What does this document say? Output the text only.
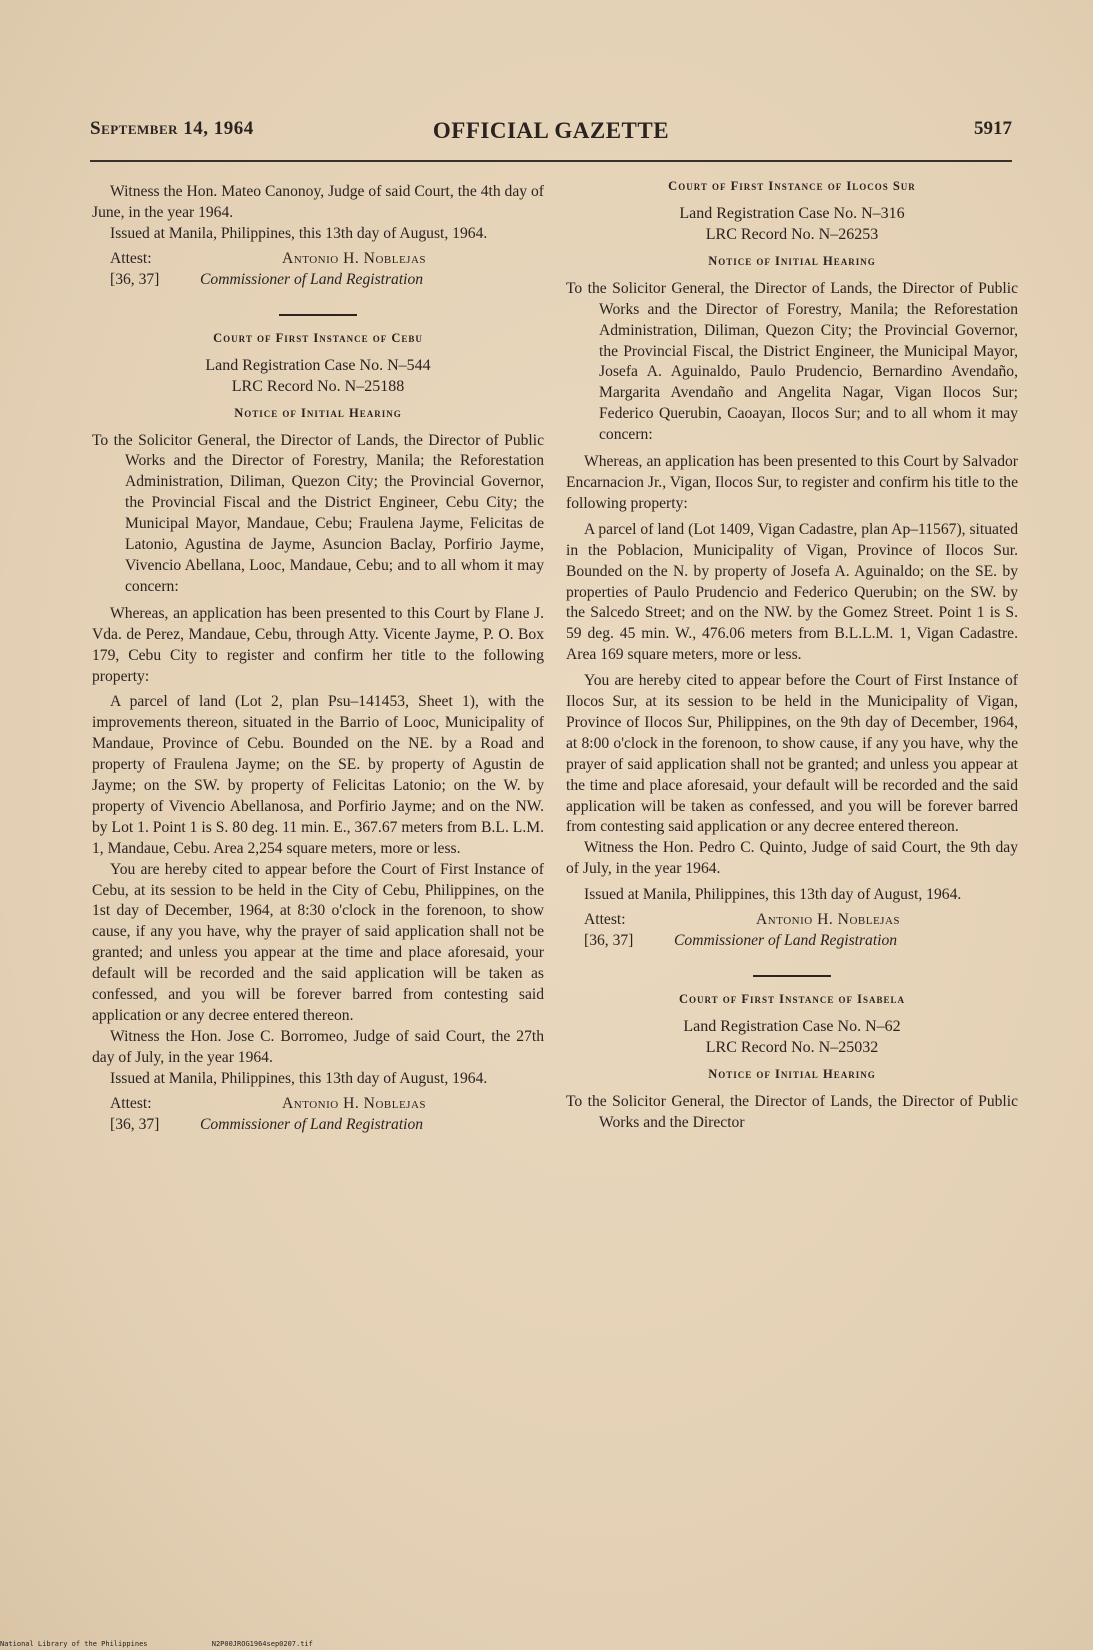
September 14, 1964	OFFICIAL GAZETTE	5917

Witness the Hon. Mateo Canonoy, Judge of said Court, the 4th day of June, in the year 1964.

Issued at Manila, Philippines, this 13th day of August, 1964.

Attest:
[36, 37]
Antonio H. Noblejas
Commissioner of Land Registration
Court of First Instance of Cebu
Land Registration Case No. N–544
LRC Record No. N–25188
Notice of Initial Hearing

To the Solicitor General, the Director of Lands, the Director of Public Works and the Director of Forestry, Manila; the Reforestation Administration, Diliman, Quezon City; the Provincial Governor, the Provincial Fiscal and the District Engineer, Cebu City; the Municipal Mayor, Mandaue, Cebu; Fraulena Jayme, Felicitas de Latonio, Agustina de Jayme, Asuncion Baclay, Porfirio Jayme, Vivencio Abellana, Looc, Mandaue, Cebu; and to all whom it may concern:

Whereas, an application has been presented to this Court by Flane J. Vda. de Perez, Mandaue, Cebu, through Atty. Vicente Jayme, P. O. Box 179, Cebu City to register and confirm her title to the following property:

A parcel of land (Lot 2, plan Psu–141453, Sheet 1), with the improvements thereon, situated in the Barrio of Looc, Municipality of Mandaue, Province of Cebu. Bounded on the NE. by a Road and property of Fraulena Jayme; on the SE. by property of Agustin de Jayme; on the SW. by property of Felicitas Latonio; on the W. by property of Vivencio Abellanosa, and Porfirio Jayme; and on the NW. by Lot 1. Point 1 is S. 80 deg. 11 min. E., 367.67 meters from B.L. L.M. 1, Mandaue, Cebu. Area 2,254 square meters, more or less.

You are hereby cited to appear before the Court of First Instance of Cebu, at its session to be held in the City of Cebu, Philippines, on the 1st day of December, 1964, at 8:30 o'clock in the forenoon, to show cause, if any you have, why the prayer of said application shall not be granted; and unless you appear at the time and place aforesaid, your default will be recorded and the said application will be taken as confessed, and you will be forever barred from contesting said application or any decree entered thereon.

Witness the Hon. Jose C. Borromeo, Judge of said Court, the 27th day of July, in the year 1964.

Issued at Manila, Philippines, this 13th day of August, 1964.

Attest:
[36, 37]
Antonio H. Noblejas
Commissioner of Land Registration
Court of First Instance of Ilocos Sur
Land Registration Case No. N–316
LRC Record No. N–26253
Notice of Initial Hearing

To the Solicitor General, the Director of Lands, the Director of Public Works and the Director of Forestry, Manila; the Reforestation Administration, Diliman, Quezon City; the Provincial Governor, the Provincial Fiscal, the District Engineer, the Municipal Mayor, Josefa A. Aguinaldo, Paulo Prudencio, Bernardino Avendaño, Margarita Avendaño and Angelita Nagar, Vigan Ilocos Sur; Federico Querubin, Caoayan, Ilocos Sur; and to all whom it may concern:

Whereas, an application has been presented to this Court by Salvador Encarnacion Jr., Vigan, Ilocos Sur, to register and confirm his title to the following property:

A parcel of land (Lot 1409, Vigan Cadastre, plan Ap–11567), situated in the Poblacion, Municipality of Vigan, Province of Ilocos Sur. Bounded on the N. by property of Josefa A. Aguinaldo; on the SE. by properties of Paulo Prudencio and Federico Querubin; on the SW. by the Salcedo Street; and on the NW. by the Gomez Street. Point 1 is S. 59 deg. 45 min. W., 476.06 meters from B.L.L.M. 1, Vigan Cadastre. Area 169 square meters, more or less.

You are hereby cited to appear before the Court of First Instance of Ilocos Sur, at its session to be held in the Municipality of Vigan, Province of Ilocos Sur, Philippines, on the 9th day of December, 1964, at 8:00 o'clock in the forenoon, to show cause, if any you have, why the prayer of said application shall not be granted; and unless you appear at the time and place aforesaid, your default will be recorded and the said application will be taken as confessed, and you will be forever barred from contesting said application or any decree entered thereon.

Witness the Hon. Pedro C. Quinto, Judge of said Court, the 9th day of July, in the year 1964.

Issued at Manila, Philippines, this 13th day of August, 1964.

Attest:
[36, 37]
Antonio H. Noblejas
Commissioner of Land Registration
Court of First Instance of Isabela
Land Registration Case No. N–62
LRC Record No. N–25032
Notice of Initial Hearing

To the Solicitor General, the Director of Lands, the Director of Public Works and the Director

National Library of the Philippines	N2P00JROG1964sep0207.tif
